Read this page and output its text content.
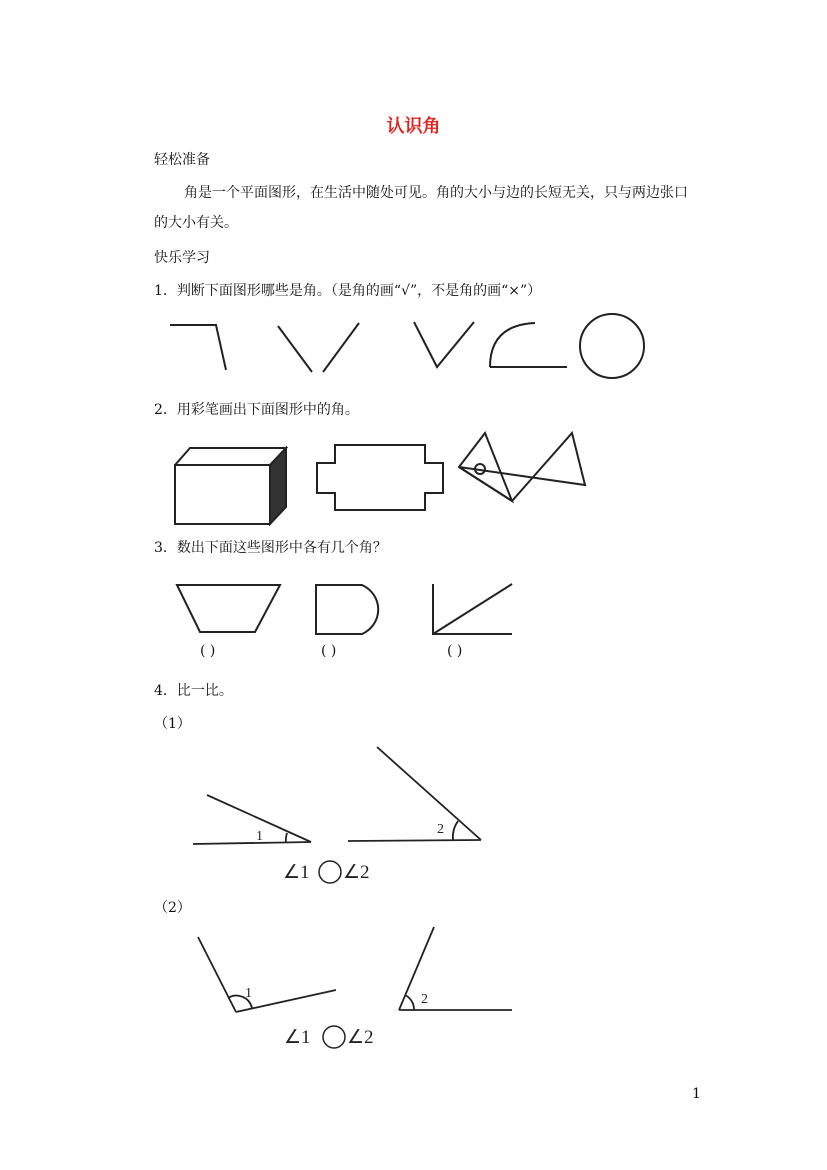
认识角
轻松准备
角是一个平面图形，在生活中随处可见。角的大小与边的长短无关，只与两边张口的大小有关。
快乐学习
1．判断下面图形哪些是角。（是角的画“√”，不是角的画“×”）
2．用彩笔画出下面图形中的角。
3．数出下面这些图形中各有几个角？
( )	( )	( )
4．比一比。
（1）
1	2
∠1 ∠2
（2）
1	2
∠1 ∠2
1
